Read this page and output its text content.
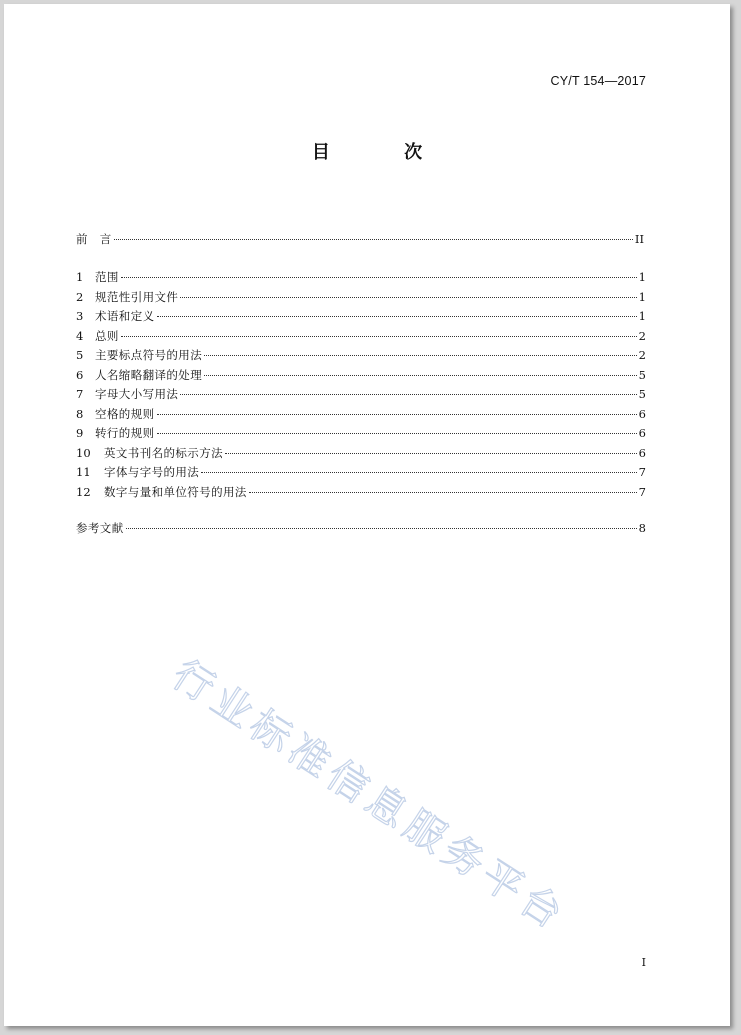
CY/T 154—2017
目 次
前　言	II
1	范围	1
2	规范性引用文件	1
3	术语和定义	1
4	总则	2
5	主要标点符号的用法	2
6	人名缩略翻译的处理	5
7	字母大小写用法	5
8	空格的规则	6
9	转行的规则	6
10	英文书刊名的标示方法	6
11	字体与字号的用法	7
12	数字与量和单位符号的用法	7
参考文献	8
行业标准信息服务平台
I
